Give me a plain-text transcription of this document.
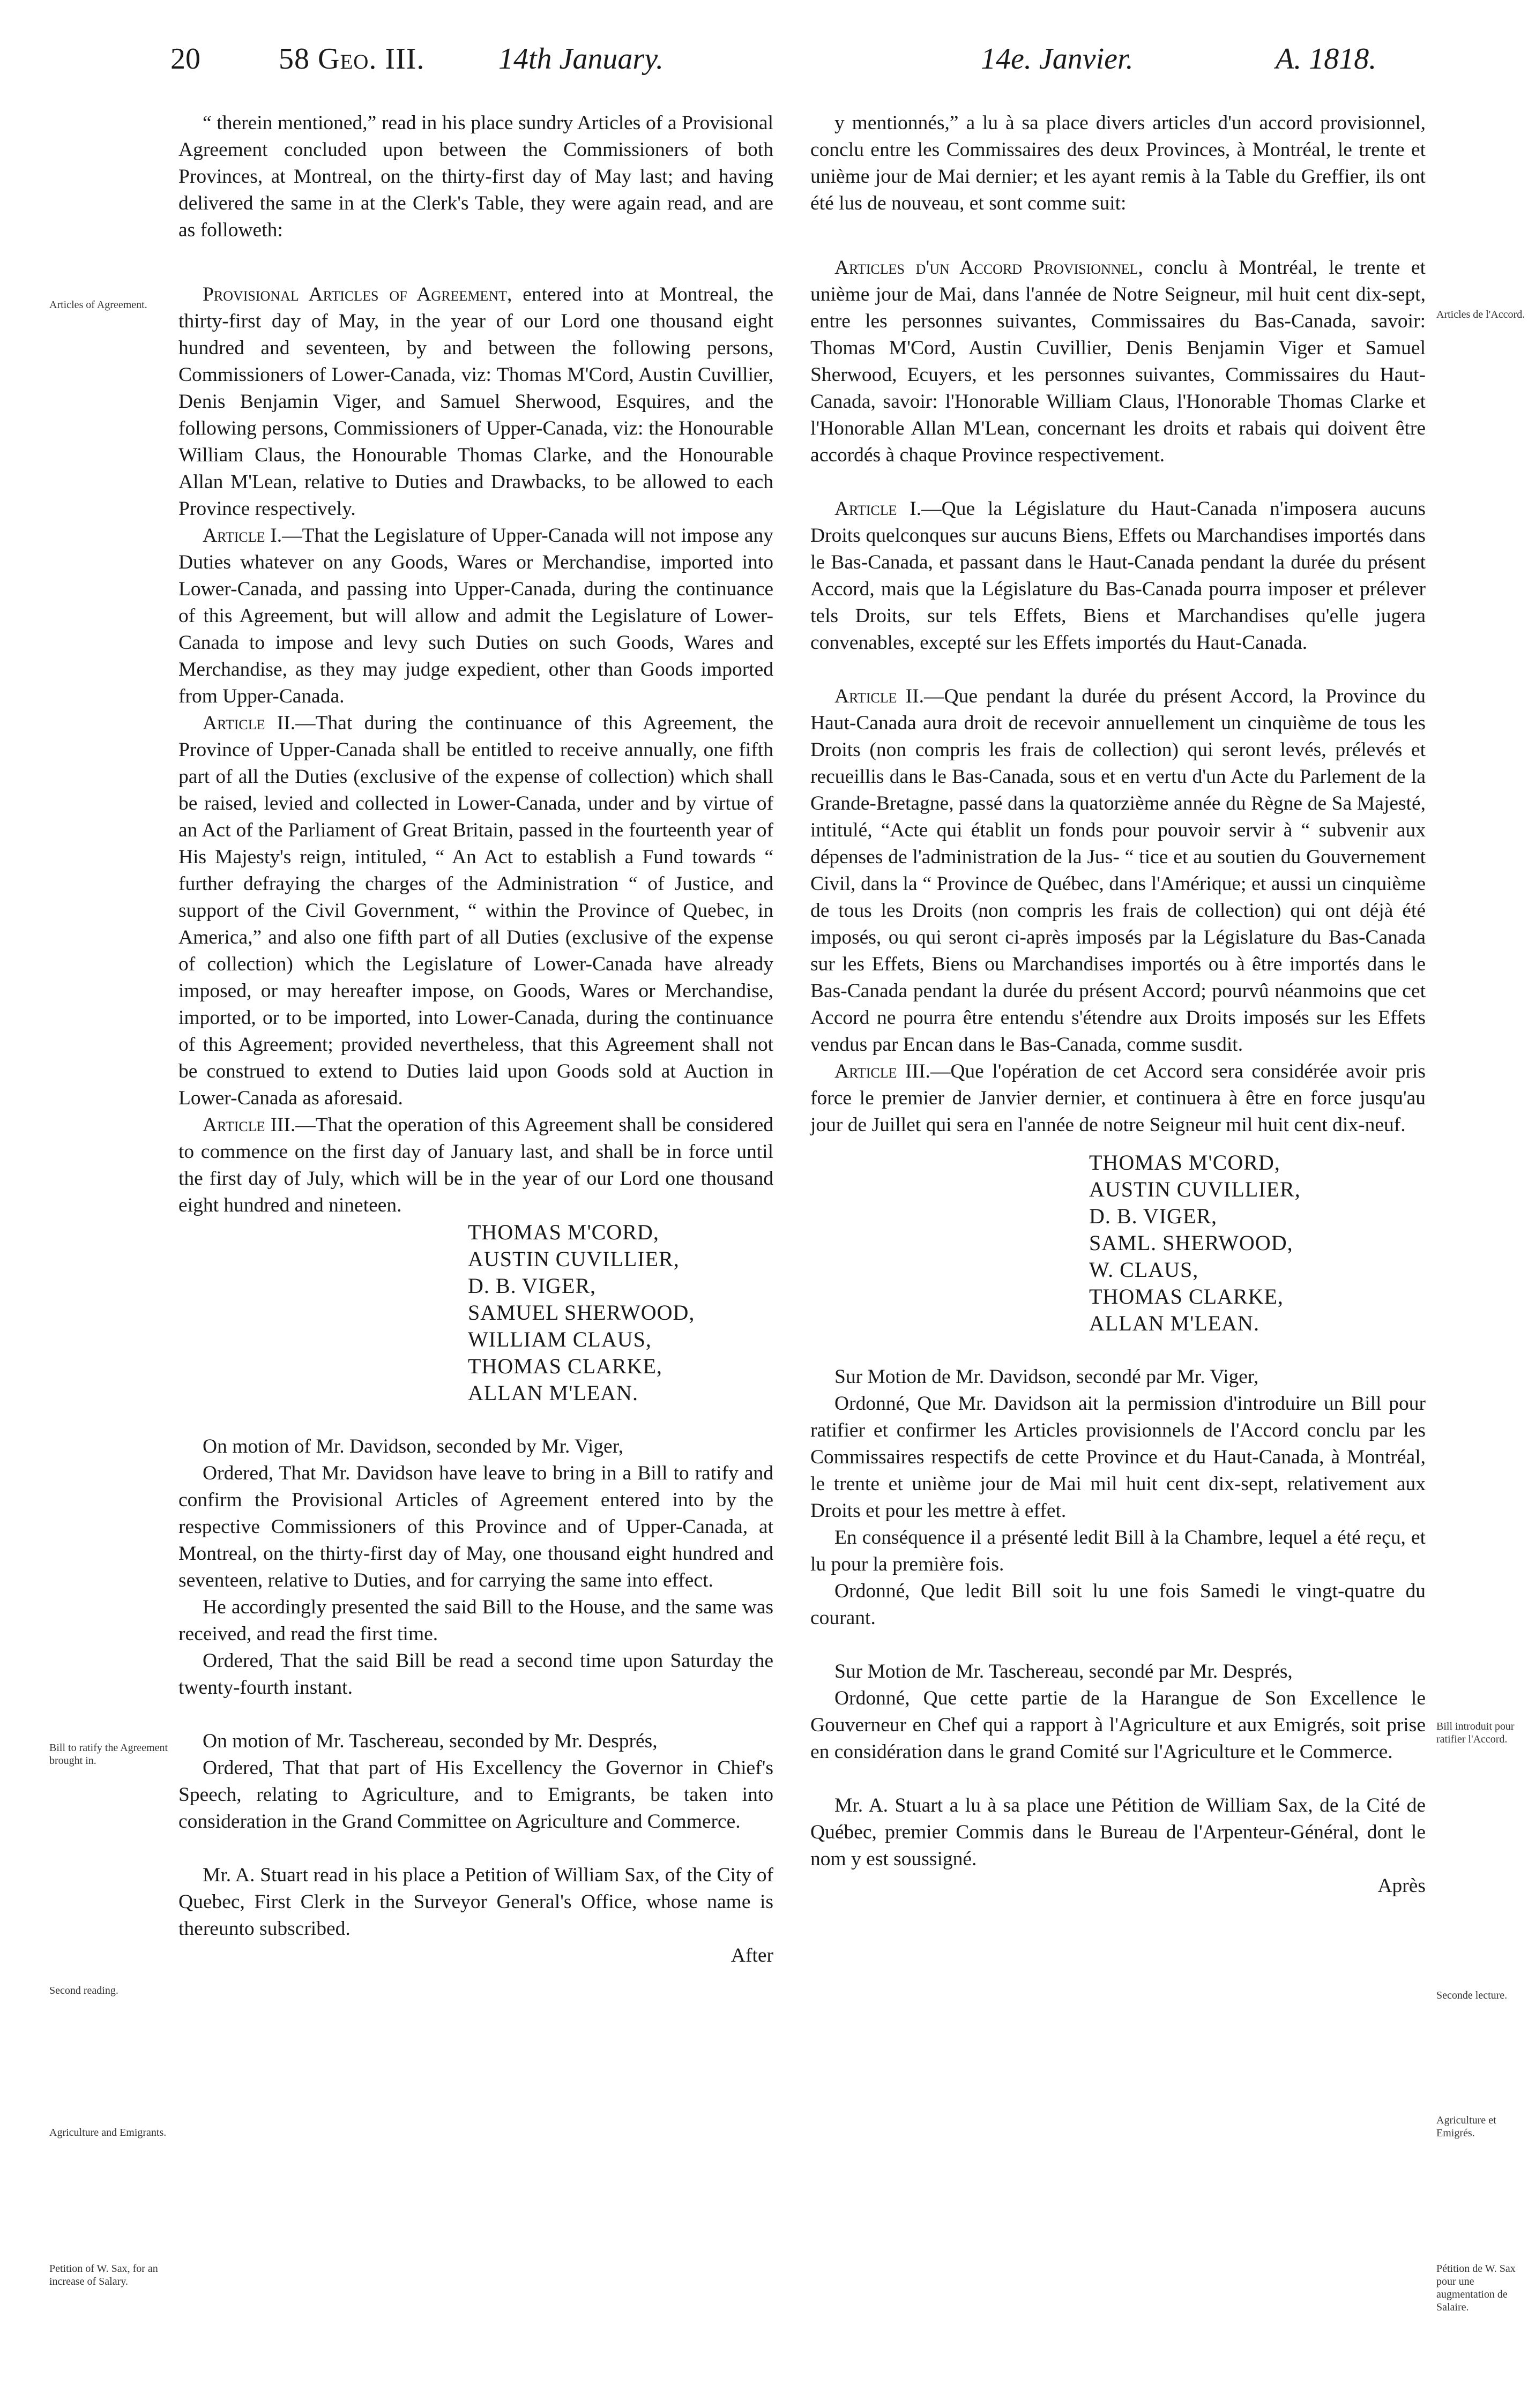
20	58 Geo. III. 14th January.	14e. Janvier.	A. 1818.
Articles of Agreement.
Bill to ratify the Agreement brought in.
Second reading.
Agriculture and Emigrants.
Petition of W. Sax, for an increase of Salary.
Articles de l'Accord.
Bill introduit pour ratifier l'Accord.
Seconde lecture.
Agriculture et Emigrés.
Pétition de W. Sax pour une augmentation de Salaire.

“ therein mentioned,” read in his place sundry Articles of a Provisional Agreement concluded upon between the Commissioners of both Provinces, at Montreal, on the thirty-first day of May last; and having delivered the same in at the Clerk's Table, they were again read, and are as followeth:

Provisional Articles of Agreement, entered into at Montreal, the thirty-first day of May, in the year of our Lord one thousand eight hundred and seventeen, by and between the following persons, Commissioners of Lower-Canada, viz: Thomas M'Cord, Austin Cuvillier, Denis Benjamin Viger, and Samuel Sherwood, Esquires, and the following persons, Commissioners of Upper-Canada, viz: the Honourable William Claus, the Honourable Thomas Clarke, and the Honourable Allan M'Lean, relative to Duties and Drawbacks, to be allowed to each Province respectively.

Article I.—That the Legislature of Upper-Canada will not impose any Duties whatever on any Goods, Wares or Merchandise, imported into Lower-Canada, and passing into Upper-Canada, during the continuance of this Agreement, but will allow and admit the Legislature of Lower-Canada to impose and levy such Duties on such Goods, Wares and Merchandise, as they may judge expedient, other than Goods imported from Upper-Canada.

Article II.—That during the continuance of this Agreement, the Province of Upper-Canada shall be entitled to receive annually, one fifth part of all the Duties (exclusive of the expense of collection) which shall be raised, levied and collected in Lower-Canada, under and by virtue of an Act of the Parliament of Great Britain, passed in the fourteenth year of His Majesty's reign, intituled, “ An Act to establish a Fund towards “ further defraying the charges of the Administration “ of Justice, and support of the Civil Government, “ within the Province of Quebec, in America,” and also one fifth part of all Duties (exclusive of the expense of collection) which the Legislature of Lower-Canada have already imposed, or may hereafter impose, on Goods, Wares or Merchandise, imported, or to be imported, into Lower-Canada, during the continuance of this Agreement; provided nevertheless, that this Agreement shall not be construed to extend to Duties laid upon Goods sold at Auction in Lower-Canada as aforesaid.

Article III.—That the operation of this Agreement shall be considered to commence on the first day of January last, and shall be in force until the first day of July, which will be in the year of our Lord one thousand eight hundred and nineteen.

THOMAS M'CORD,
AUSTIN CUVILLIER,
D. B. VIGER,
SAMUEL SHERWOOD,
WILLIAM CLAUS,
THOMAS CLARKE,
ALLAN M'LEAN.

On motion of Mr. Davidson, seconded by Mr. Viger,

Ordered, That Mr. Davidson have leave to bring in a Bill to ratify and confirm the Provisional Articles of Agreement entered into by the respective Commissioners of this Province and of Upper-Canada, at Montreal, on the thirty-first day of May, one thousand eight hundred and seventeen, relative to Duties, and for carrying the same into effect.

He accordingly presented the said Bill to the House, and the same was received, and read the first time.

Ordered, That the said Bill be read a second time upon Saturday the twenty-fourth instant.

On motion of Mr. Taschereau, seconded by Mr. Després,

Ordered, That that part of His Excellency the Governor in Chief's Speech, relating to Agriculture, and to Emigrants, be taken into consideration in the Grand Committee on Agriculture and Commerce.

Mr. A. Stuart read in his place a Petition of William Sax, of the City of Quebec, First Clerk in the Surveyor General's Office, whose name is thereunto subscribed.

After

y mentionnés,” a lu à sa place divers articles d'un accord provisionnel, conclu entre les Commissaires des deux Provinces, à Montréal, le trente et unième jour de Mai dernier; et les ayant remis à la Table du Greffier, ils ont été lus de nouveau, et sont comme suit:

Articles d'un Accord Provisionnel, conclu à Montréal, le trente et unième jour de Mai, dans l'année de Notre Seigneur, mil huit cent dix-sept, entre les personnes suivantes, Commissaires du Bas-Canada, savoir: Thomas M'Cord, Austin Cuvillier, Denis Benjamin Viger et Samuel Sherwood, Ecuyers, et les personnes suivantes, Commissaires du Haut-Canada, savoir: l'Honorable William Claus, l'Honorable Thomas Clarke et l'Honorable Allan M'Lean, concernant les droits et rabais qui doivent être accordés à chaque Province respectivement.

Article I.—Que la Législature du Haut-Canada n'imposera aucuns Droits quelconques sur aucuns Biens, Effets ou Marchandises importés dans le Bas-Canada, et passant dans le Haut-Canada pendant la durée du présent Accord, mais que la Législature du Bas-Canada pourra imposer et prélever tels Droits, sur tels Effets, Biens et Marchandises qu'elle jugera convenables, excepté sur les Effets importés du Haut-Canada.

Article II.—Que pendant la durée du présent Accord, la Province du Haut-Canada aura droit de recevoir annuellement un cinquième de tous les Droits (non compris les frais de collection) qui seront levés, prélevés et recueillis dans le Bas-Canada, sous et en vertu d'un Acte du Parlement de la Grande-Bretagne, passé dans la quatorzième année du Règne de Sa Majesté, intitulé, “Acte qui établit un fonds pour pouvoir servir à “ subvenir aux dépenses de l'administration de la Jus- “ tice et au soutien du Gouvernement Civil, dans la “ Province de Québec, dans l'Amérique; et aussi un cinquième de tous les Droits (non compris les frais de collection) qui ont déjà été imposés, ou qui seront ci-après imposés par la Législature du Bas-Canada sur les Effets, Biens ou Marchandises importés ou à être importés dans le Bas-Canada pendant la durée du présent Accord; pourvû néanmoins que cet Accord ne pourra être entendu s'étendre aux Droits imposés sur les Effets vendus par Encan dans le Bas-Canada, comme susdit.

Article III.—Que l'opération de cet Accord sera considérée avoir pris force le premier de Janvier dernier, et continuera à être en force jusqu'au jour de Juillet qui sera en l'année de notre Seigneur mil huit cent dix-neuf.

THOMAS M'CORD,
AUSTIN CUVILLIER,
D. B. VIGER,
SAML. SHERWOOD,
W. CLAUS,
THOMAS CLARKE,
ALLAN M'LEAN.

Sur Motion de Mr. Davidson, secondé par Mr. Viger,

Ordonné, Que Mr. Davidson ait la permission d'introduire un Bill pour ratifier et confirmer les Articles provisionnels de l'Accord conclu par les Commissaires respectifs de cette Province et du Haut-Canada, à Montréal, le trente et unième jour de Mai mil huit cent dix-sept, relativement aux Droits et pour les mettre à effet.

En conséquence il a présenté ledit Bill à la Chambre, lequel a été reçu, et lu pour la première fois.

Ordonné, Que ledit Bill soit lu une fois Samedi le vingt-quatre du courant.

Sur Motion de Mr. Taschereau, secondé par Mr. Després,

Ordonné, Que cette partie de la Harangue de Son Excellence le Gouverneur en Chef qui a rapport à l'Agriculture et aux Emigrés, soit prise en considération dans le grand Comité sur l'Agriculture et le Commerce.

Mr. A. Stuart a lu à sa place une Pétition de William Sax, de la Cité de Québec, premier Commis dans le Bureau de l'Arpenteur-Général, dont le nom y est soussigné.

Après
